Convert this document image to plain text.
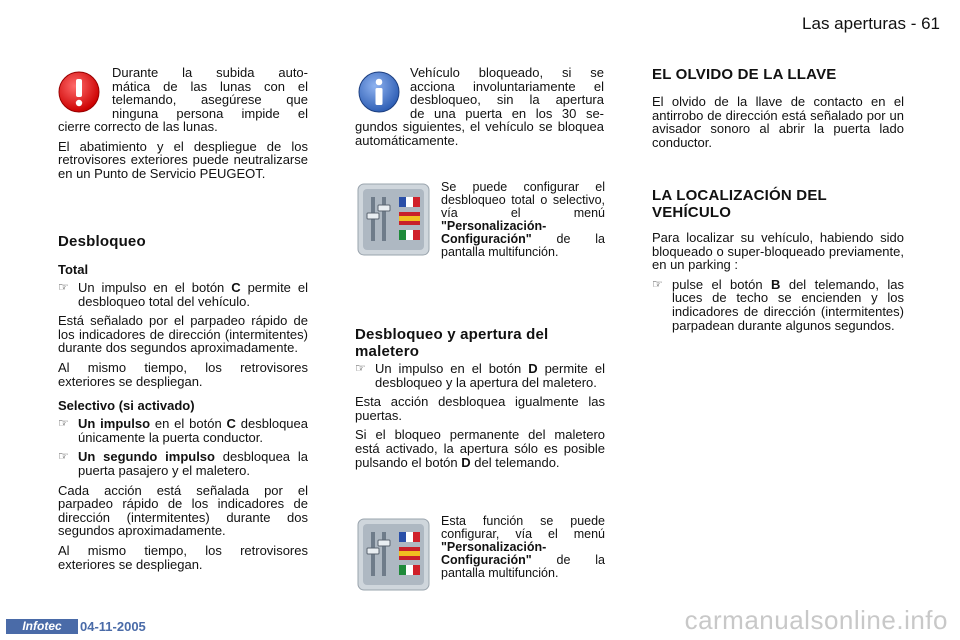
Las aperturas - 61
Durante la subida auto-
mática de las lunas con el
telemando, asegúrese que
ninguna persona impide el

cierre correcto de las lunas.

El abatimiento y el despliegue de los retrovisores exteriores puede neutralizarse en un Punto de Servicio PEUGEOT.

Desbloqueo

Total

☞ Un impulso en el botón C permite el desbloqueo total del vehículo.

Está señalado por el parpadeo rápido de los indicadores de dirección (intermitentes) durante dos segundos aproximadamente.

Al mismo tiempo, los retrovisores exteriores se despliegan.

Selectivo (si activado)

☞ Un impulso en el botón C desbloquea únicamente la puerta conductor.
☞ Un segundo impulso desbloquea la puerta pasajero y el maletero.

Cada acción está señalada por el parpadeo rápido de los indicadores de dirección (intermitentes) durante dos segundos aproximadamente.

Al mismo tiempo, los retrovisores exteriores se despliegan.

Vehículo bloqueado, si se
acciona involuntariamente el
desbloqueo, sin la apertura
de una puerta en los 30 se-

gundos siguientes, el vehículo se bloquea automáticamente.

Se puede configurar el desbloqueo total o selectivo, vía el menú "Personalización-Configuración" de la pantalla multifunción.

Desbloqueo y apertura del maletero

☞ Un impulso en el botón D permite el desbloqueo y la apertura del maletero.

Esta acción desbloquea igualmente las puertas.

Si el bloqueo permanente del maletero está activado, la apertura sólo es posible pulsando el botón D del telemando.

Esta función se puede configurar, vía el menú "Personalización-Configuración" de la pantalla multifunción.

EL OLVIDO DE LA LLAVE

El olvido de la llave de contacto en el antirrobo de dirección está señalado por un avisador sonoro al abrir la puerta lado conductor.

LA LOCALIZACIÓN DEL VEHÍCULO

Para localizar su vehículo, habiendo sido bloqueado o super-bloqueado previamente, en un parking :

☞ pulse el botón B del telemando, las luces de techo se encienden y los indicadores de dirección (intermitentes) parpadean durante algunos segundos.
Infotec	04-11-2005	carmanualsonline.info
